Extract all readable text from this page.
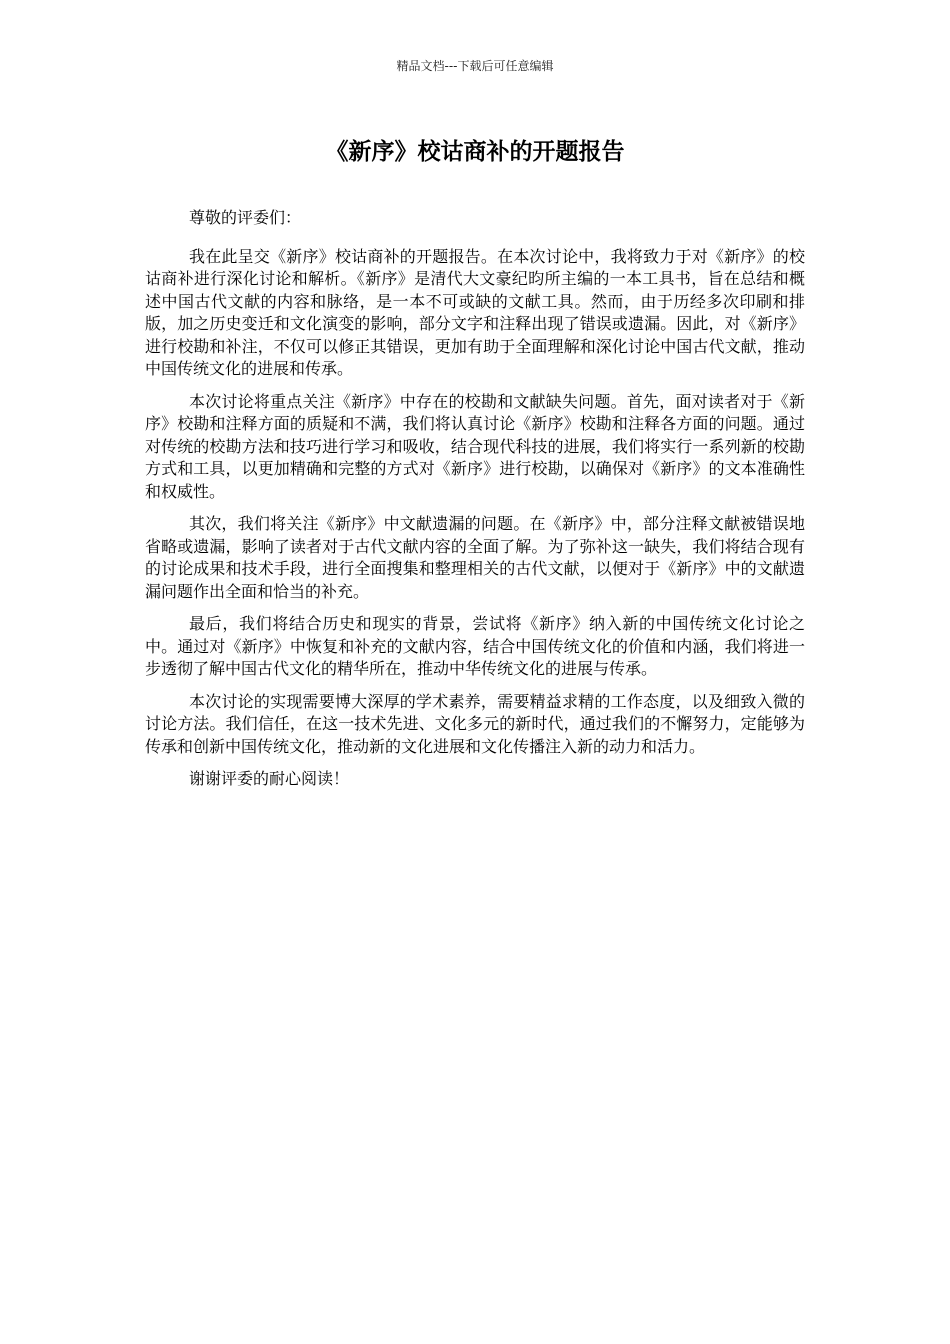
精品文档---下载后可任意编辑
《新序》校诂商补的开题报告

尊敬的评委们：

我在此呈交《新序》校诂商补的开题报告。在本次讨论中，我将致力于对《新序》的校诂商补进行深化讨论和解析。《新序》是清代大文豪纪昀所主编的一本工具书，旨在总结和概述中国古代文献的内容和脉络，是一本不可或缺的文献工具。然而，由于历经多次印刷和排版，加之历史变迁和文化演变的影响，部分文字和注释出现了错误或遗漏。因此，对《新序》进行校勘和补注，不仅可以修正其错误，更加有助于全面理解和深化讨论中国古代文献，推动中国传统文化的进展和传承。

本次讨论将重点关注《新序》中存在的校勘和文献缺失问题。首先，面对读者对于《新序》校勘和注释方面的质疑和不满，我们将认真讨论《新序》校勘和注释各方面的问题。通过对传统的校勘方法和技巧进行学习和吸收，结合现代科技的进展，我们将实行一系列新的校勘方式和工具，以更加精确和完整的方式对《新序》进行校勘，以确保对《新序》的文本准确性和权威性。

其次，我们将关注《新序》中文献遗漏的问题。在《新序》中，部分注释文献被错误地省略或遗漏，影响了读者对于古代文献内容的全面了解。为了弥补这一缺失，我们将结合现有的讨论成果和技术手段，进行全面搜集和整理相关的古代文献，以便对于《新序》中的文献遗漏问题作出全面和恰当的补充。

最后，我们将结合历史和现实的背景，尝试将《新序》纳入新的中国传统文化讨论之中。通过对《新序》中恢复和补充的文献内容，结合中国传统文化的价值和内涵，我们将进一步透彻了解中国古代文化的精华所在，推动中华传统文化的进展与传承。

本次讨论的实现需要博大深厚的学术素养，需要精益求精的工作态度，以及细致入微的讨论方法。我们信任，在这一技术先进、文化多元的新时代，通过我们的不懈努力，定能够为传承和创新中国传统文化，推动新的文化进展和文化传播注入新的动力和活力。

谢谢评委的耐心阅读！
